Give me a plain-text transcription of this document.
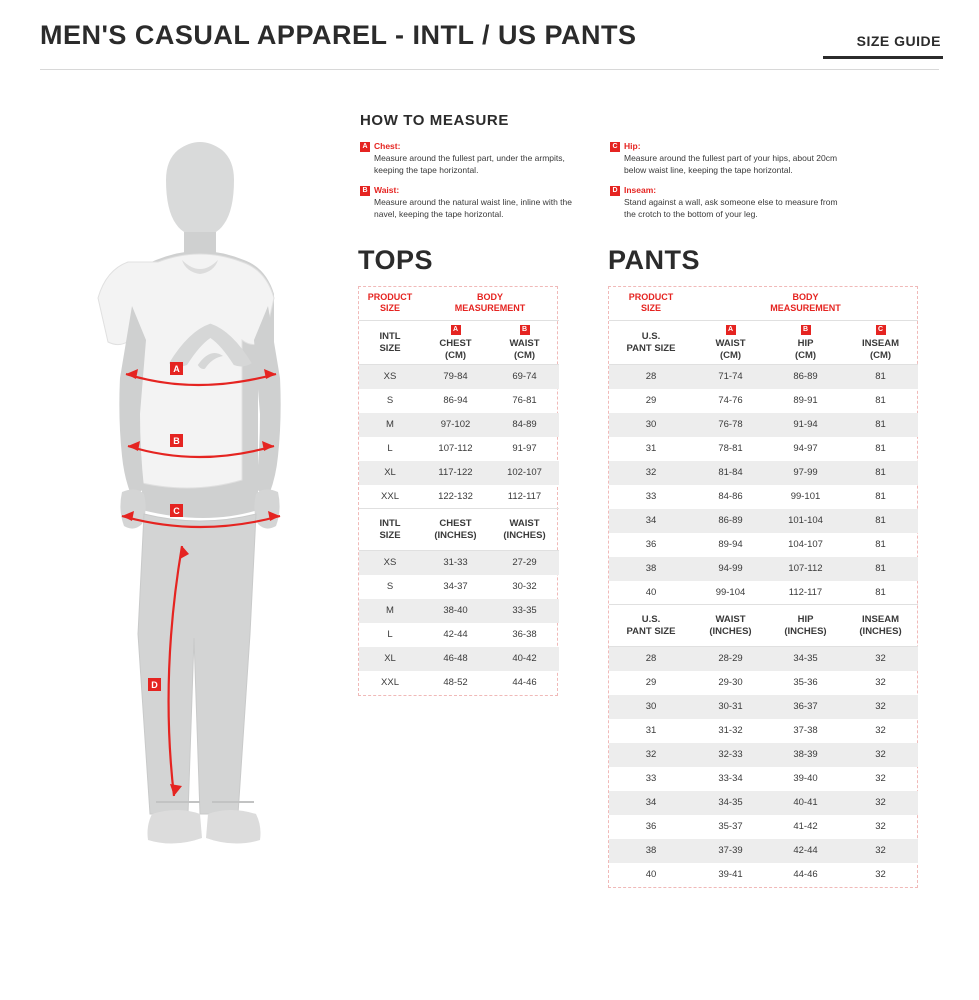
MEN'S CASUAL APPAREL - INTL / US PANTS	SIZE GUIDE
A
B
C
D
HOW TO MEASURE
A Chest:
Measure around the fullest part, under the armpits, keeping the tape horizontal.
B Waist:
Measure around the natural waist line, inline with the navel, keeping the tape horizontal.
C Hip:
Measure around the fullest part of your hips, about 20cm below waist line, keeping the tape horizontal.
D Inseam:
Stand against a wall, ask someone else to measure from the crotch to the bottom of your leg.
TOPS
PRODUCT
SIZE

BODY
MEASUREMENT

INTL
SIZE

A
CHEST
(CM)

B
WAIST
(CM)

XS	79-84	69-74
S	86-94	76-81
M	97-102	84-89
L	107-112	91-97
XL	117-122	102-107
XXL	122-132	112-117

INTL
SIZE

CHEST
(INCHES)

WAIST
(INCHES)

XS	31-33	27-29
S	34-37	30-32
M	38-40	33-35
L	42-44	36-38
XL	46-48	40-42
XXL	48-52	44-46
PANTS
PRODUCT
SIZE

BODY
MEASUREMENT

U.S.
PANT SIZE

A
WAIST
(CM)

B
HIP
(CM)

C
INSEAM
(CM)

28	71-74	86-89	81
29	74-76	89-91	81
30	76-78	91-94	81
31	78-81	94-97	81
32	81-84	97-99	81
33	84-86	99-101	81
34	86-89	101-104	81
36	89-94	104-107	81
38	94-99	107-112	81
40	99-104	112-117	81

U.S.
PANT SIZE

WAIST
(INCHES)

HIP
(INCHES)

INSEAM
(INCHES)

28	28-29	34-35	32
29	29-30	35-36	32
30	30-31	36-37	32
31	31-32	37-38	32
32	32-33	38-39	32
33	33-34	39-40	32
34	34-35	40-41	32
36	35-37	41-42	32
38	37-39	42-44	32
40	39-41	44-46	32
